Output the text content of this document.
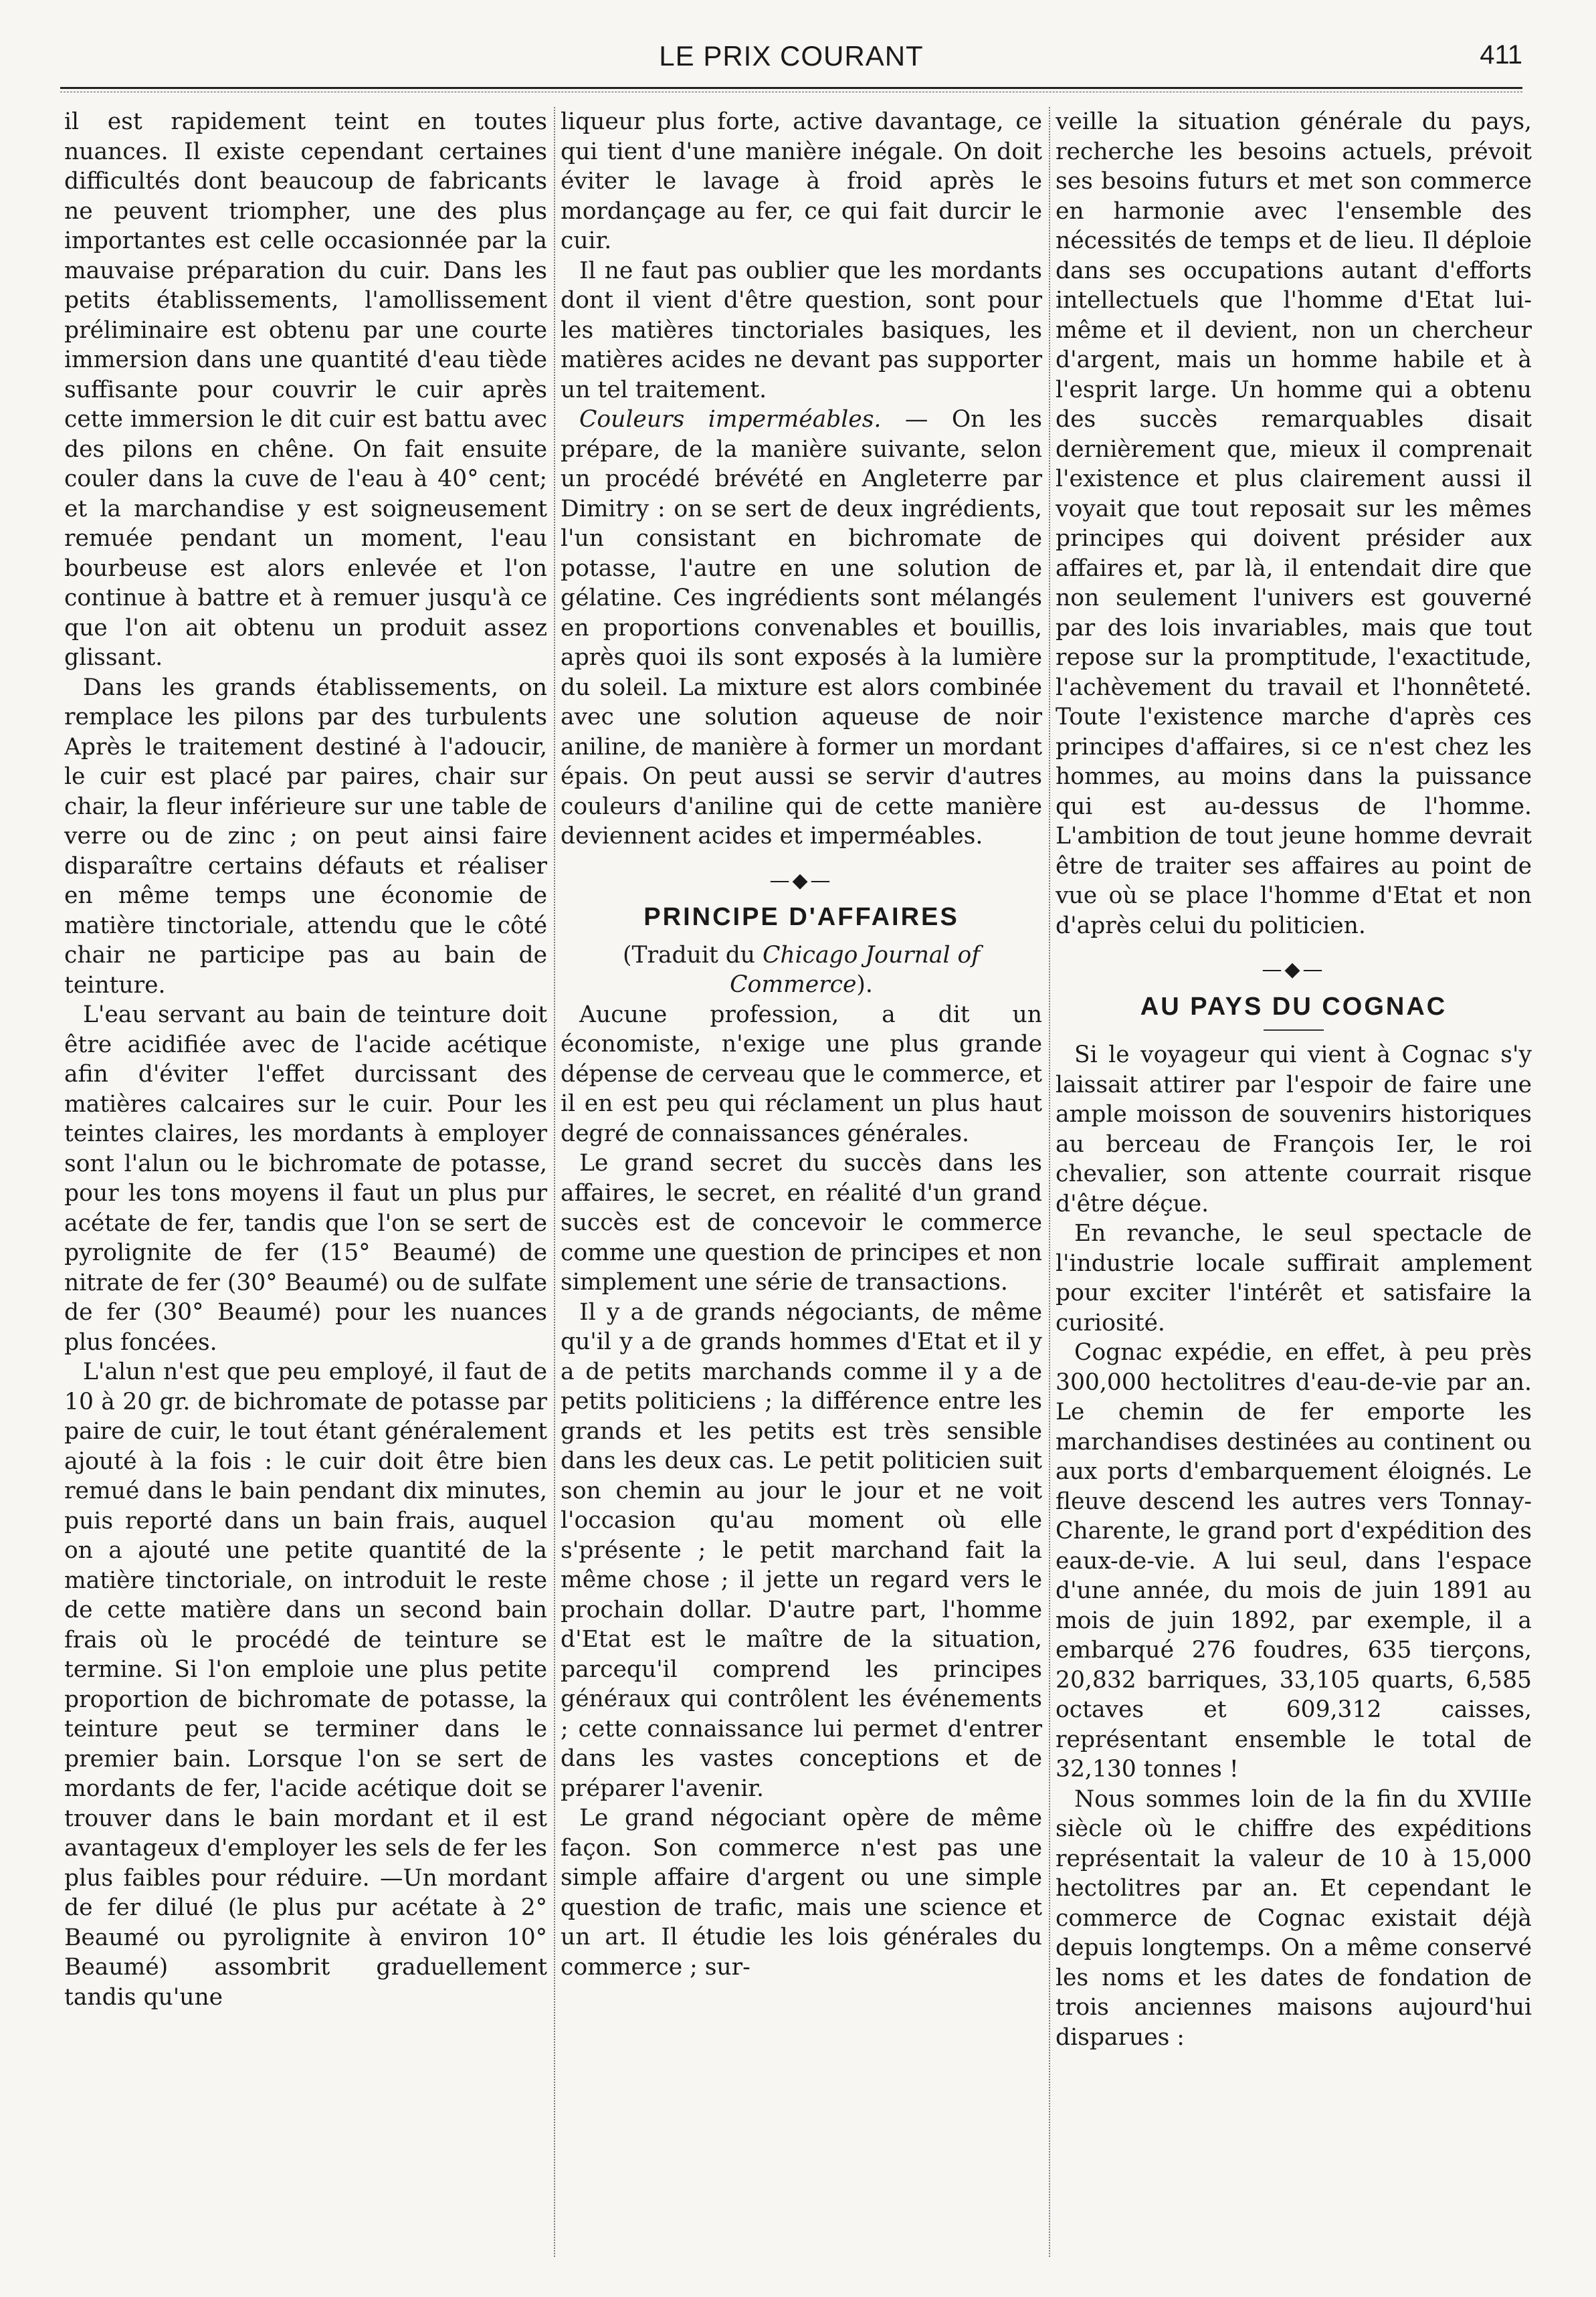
LE PRIX COURANT	411

il est rapidement teint en toutes nuances. Il existe cependant certaines difficultés dont beaucoup de fabricants ne peuvent triompher, une des plus importantes est celle occasionnée par la mauvaise préparation du cuir. Dans les petits établissements, l'amollissement préliminaire est obtenu par une courte immersion dans une quantité d'eau tiède suffisante pour couvrir le cuir après cette immersion le dit cuir est battu avec des pilons en chêne. On fait ensuite couler dans la cuve de l'eau à 40° cent; et la marchandise y est soigneusement remuée pendant un moment, l'eau bourbeuse est alors enlevée et l'on continue à battre et à remuer jusqu'à ce que l'on ait obtenu un produit assez glissant.

Dans les grands établissements, on remplace les pilons par des turbulents Après le traitement destiné à l'adoucir, le cuir est placé par paires, chair sur chair, la fleur inférieure sur une table de verre ou de zinc ; on peut ainsi faire disparaître certains défauts et réaliser en même temps une économie de matière tinctoriale, attendu que le côté chair ne participe pas au bain de teinture.

L'eau servant au bain de teinture doit être acidifiée avec de l'acide acétique afin d'éviter l'effet durcissant des matières calcaires sur le cuir. Pour les teintes claires, les mordants à employer sont l'alun ou le bichromate de potasse, pour les tons moyens il faut un plus pur acétate de fer, tandis que l'on se sert de pyrolignite de fer (15° Beaumé) de nitrate de fer (30° Beaumé) ou de sulfate de fer (30° Beaumé) pour les nuances plus foncées.

L'alun n'est que peu employé, il faut de 10 à 20 gr. de bichromate de potasse par paire de cuir, le tout étant généralement ajouté à la fois : le cuir doit être bien remué dans le bain pendant dix minutes, puis reporté dans un bain frais, auquel on a ajouté une petite quantité de la matière tinctoriale, on introduit le reste de cette matière dans un second bain frais où le procédé de teinture se termine. Si l'on emploie une plus petite proportion de bichromate de potasse, la teinture peut se terminer dans le premier bain. Lorsque l'on se sert de mordants de fer, l'acide acétique doit se trouver dans le bain mordant et il est avantageux d'employer les sels de fer les plus faibles pour réduire. —Un mordant de fer dilué (le plus pur acétate à 2° Beaumé ou pyrolignite à environ 10° Beaumé) assombrit graduellement tandis qu'une

liqueur plus forte, active davantage, ce qui tient d'une manière inégale. On doit éviter le lavage à froid après le mordançage au fer, ce qui fait durcir le cuir.

Il ne faut pas oublier que les mordants dont il vient d'être question, sont pour les matières tinctoriales basiques, les matières acides ne devant pas supporter un tel traitement.

Couleurs imperméables. — On les prépare, de la manière suivante, selon un procédé brévété en Angleterre par Dimitry : on se sert de deux ingrédients, l'un consistant en bichromate de potasse, l'autre en une solution de gélatine. Ces ingrédients sont mélangés en proportions convenables et bouillis, après quoi ils sont exposés à la lumière du soleil. La mixture est alors combinée avec une solution aqueuse de noir aniline, de manière à former un mordant épais. On peut aussi se servir d'autres couleurs d'aniline qui de cette manière deviennent acides et imperméables.

—◆—
PRINCIPE D'AFFAIRES

(Traduit du Chicago Journal of Commerce).

Aucune profession, a dit un économiste, n'exige une plus grande dépense de cerveau que le commerce, et il en est peu qui réclament un plus haut degré de connaissances générales.

Le grand secret du succès dans les affaires, le secret, en réalité d'un grand succès est de concevoir le commerce comme une question de principes et non simplement une série de transactions.

Il y a de grands négociants, de même qu'il y a de grands hommes d'Etat et il y a de petits marchands comme il y a de petits politiciens ; la différence entre les grands et les petits est très sensible dans les deux cas. Le petit politicien suit son chemin au jour le jour et ne voit l'occasion qu'au moment où elle s'présente ; le petit marchand fait la même chose ; il jette un regard vers le prochain dollar. D'autre part, l'homme d'Etat est le maître de la situation, parcequ'il comprend les principes généraux qui contrôlent les événements ; cette connaissance lui permet d'entrer dans les vastes conceptions et de préparer l'avenir.

Le grand négociant opère de même façon. Son commerce n'est pas une simple affaire d'argent ou une simple question de trafic, mais une science et un art. Il étudie les lois générales du commerce ; sur-

veille la situation générale du pays, recherche les besoins actuels, prévoit ses besoins futurs et met son commerce en harmonie avec l'ensemble des nécessités de temps et de lieu. Il déploie dans ses occupations autant d'efforts intellectuels que l'homme d'Etat lui-même et il devient, non un chercheur d'argent, mais un homme habile et à l'esprit large. Un homme qui a obtenu des succès remarquables disait dernièrement que, mieux il comprenait l'existence et plus clairement aussi il voyait que tout reposait sur les mêmes principes qui doivent présider aux affaires et, par là, il entendait dire que non seulement l'univers est gouverné par des lois invariables, mais que tout repose sur la promptitude, l'exactitude, l'achèvement du travail et l'honnêteté. Toute l'existence marche d'après ces principes d'affaires, si ce n'est chez les hommes, au moins dans la puissance qui est au-dessus de l'homme. L'ambition de tout jeune homme devrait être de traiter ses affaires au point de vue où se place l'homme d'Etat et non d'après celui du politicien.

—◆—
AU PAYS DU COGNAC

Si le voyageur qui vient à Cognac s'y laissait attirer par l'espoir de faire une ample moisson de souvenirs historiques au berceau de François Ier, le roi chevalier, son attente courrait risque d'être déçue.

En revanche, le seul spectacle de l'industrie locale suffirait amplement pour exciter l'intérêt et satisfaire la curiosité.

Cognac expédie, en effet, à peu près 300,000 hectolitres d'eau-de-vie par an. Le chemin de fer emporte les marchandises destinées au continent ou aux ports d'embarquement éloignés. Le fleuve descend les autres vers Tonnay-Charente, le grand port d'expédition des eaux-de-vie. A lui seul, dans l'espace d'une année, du mois de juin 1891 au mois de juin 1892, par exemple, il a embarqué 276 foudres, 635 tierçons, 20,832 barriques, 33,105 quarts, 6,585 octaves et 609,312 caisses, représentant ensemble le total de 32,130 tonnes !

Nous sommes loin de la fin du XVIIIe siècle où le chiffre des expéditions représentait la valeur de 10 à 15,000 hectolitres par an. Et cependant le commerce de Cognac existait déjà depuis longtemps. On a même conservé les noms et les dates de fondation de trois anciennes maisons aujourd'hui disparues :
